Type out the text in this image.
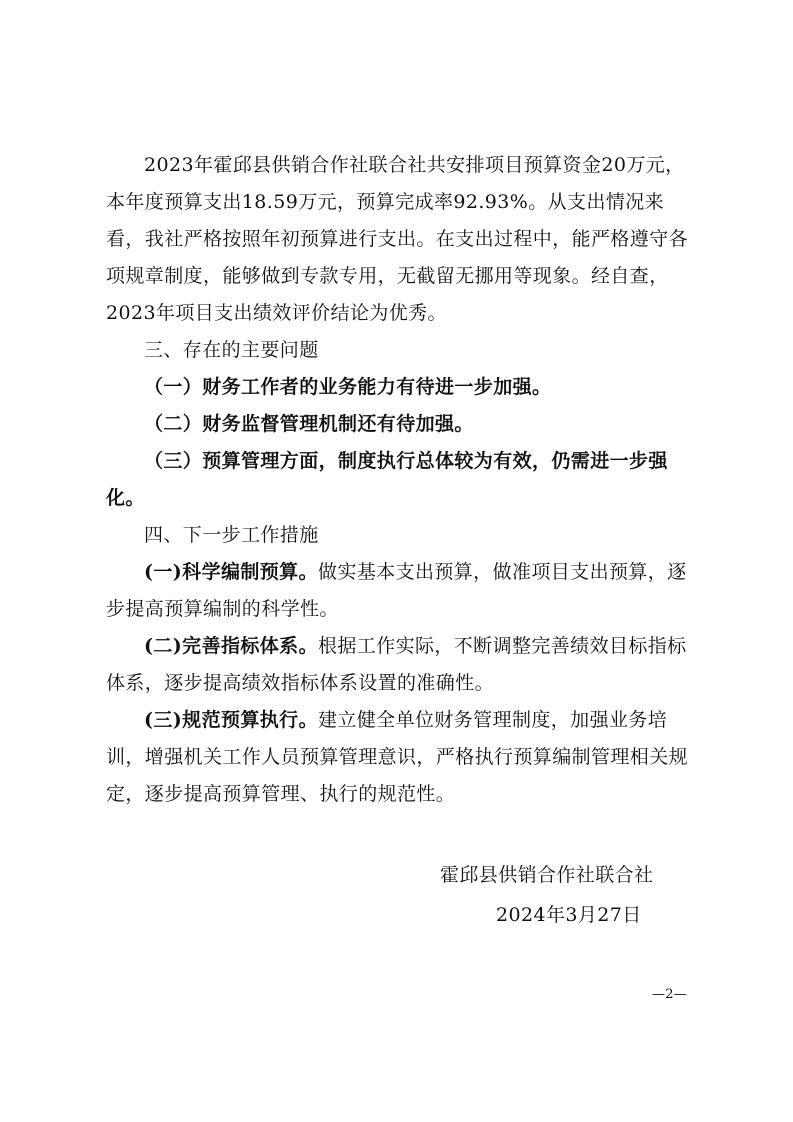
2023年霍邱县供销合作社联合社共安排项目预算资金20万元，本年度预算支出18.59万元，预算完成率92.93%。从支出情况来看，我社严格按照年初预算进行支出。在支出过程中，能严格遵守各项规章制度，能够做到专款专用，无截留无挪用等现象。经自查，2023年项目支出绩效评价结论为优秀。

三、存在的主要问题

（一）财务工作者的业务能力有待进一步加强。

（二）财务监督管理机制还有待加强。

（三）预算管理方面，制度执行总体较为有效，仍需进一步强化。

四、下一步工作措施

(一)科学编制预算。做实基本支出预算，做准项目支出预算，逐步提高预算编制的科学性。

(二)完善指标体系。根据工作实际，不断调整完善绩效目标指标体系，逐步提高绩效指标体系设置的准确性。

(三)规范预算执行。建立健全单位财务管理制度，加强业务培训，增强机关工作人员预算管理意识，严格执行预算编制管理相关规定，逐步提高预算管理、执行的规范性。

霍邱县供销合作社联合社
2024年3月27日
—2—
